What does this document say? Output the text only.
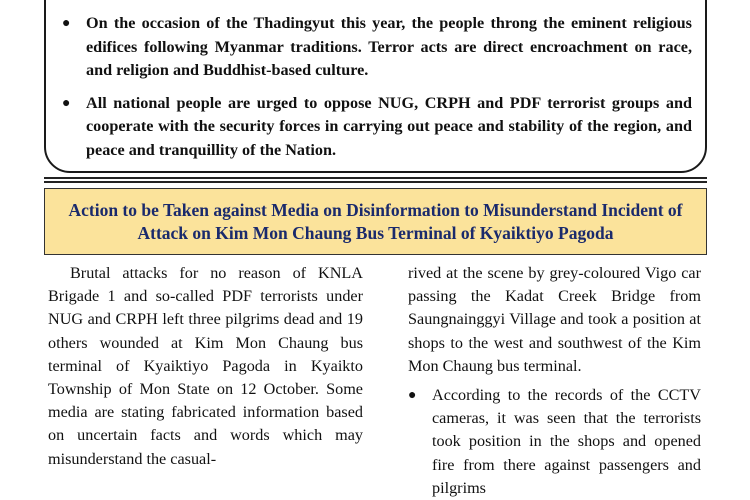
● On the occasion of the Thadingyut this year, the people throng the eminent religious edifices following Myanmar traditions. Terror acts are direct encroachment on race, and religion and Buddhist-based culture.
● All national people are urged to oppose NUG, CRPH and PDF terrorist groups and cooperate with the security forces in carrying out peace and stability of the region, and peace and tranquillity of the Nation.
Action to be Taken against Media on Disinformation to Misunderstand Incident of Attack on Kim Mon Chaung Bus Terminal of Kyaiktiyo Pagoda

Brutal attacks for no reason of KNLA Brigade 1 and so-called PDF terrorists under NUG and CRPH left three pilgrims dead and 19 others wounded at Kim Mon Chaung bus terminal of Kyaiktiyo Pagoda in Kyaikto Township of Mon State on 12 October. Some media are stating fabricated information based on uncertain facts and words which may misunderstand the casual-

rived at the scene by grey-coloured Vigo car passing the Kadat Creek Bridge from Saungnainggyi Village and took a position at shops to the west and southwest of the Kim Mon Chaung bus terminal.

● According to the records of the CCTV cameras, it was seen that the terrorists took position in the shops and opened fire from there against passengers and pilgrims
